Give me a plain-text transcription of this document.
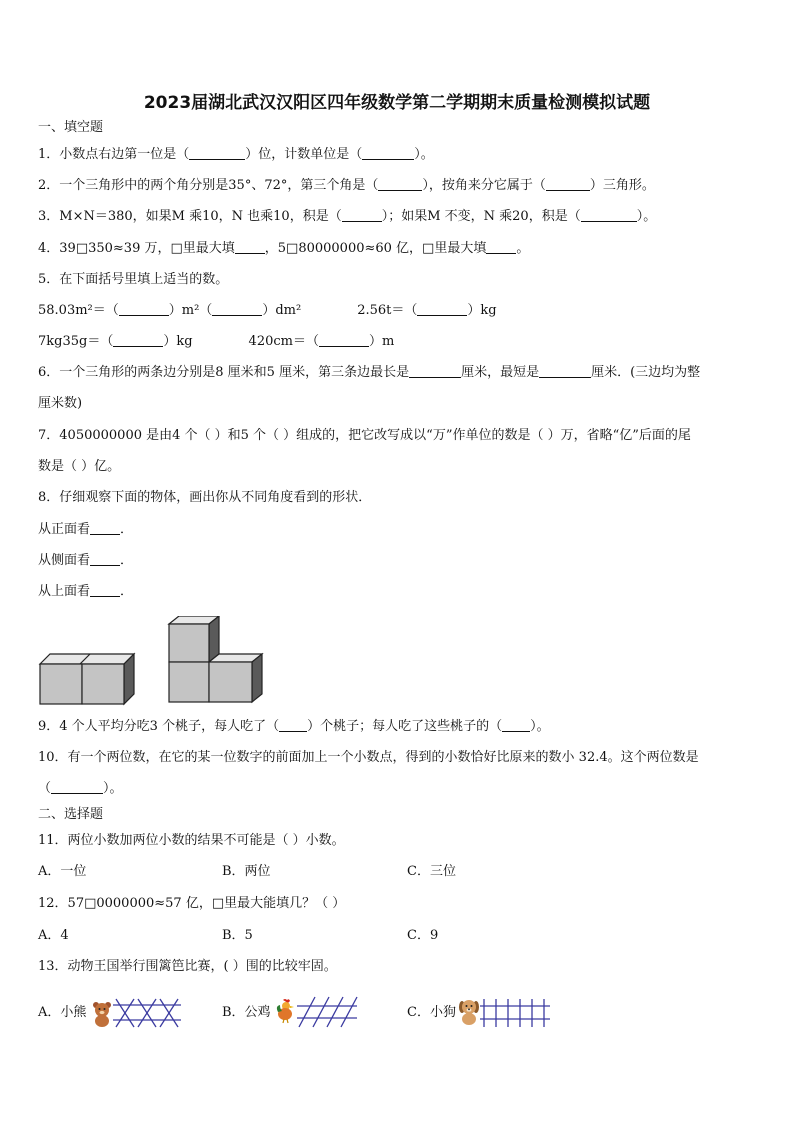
2023届湖北武汉汉阳区四年级数学第二学期期末质量检测模拟试题
一、填空题
1．小数点右边第一位是（	）位，计数单位是（	）。
2．一个三角形中的两个角分别是35°、72°，第三个角是（	），按角来分它属于（	）三角形。
3．M×N＝380，如果M 乘10，N 也乘10，积是（	）；如果M 不变，N 乘20，积是（	）。
4．39□350≈39 万，□里最大填 ，5□80000000≈60 亿，□里最大填 。
5．在下面括号里填上适当的数。
58.03m²＝（	）m²（	）dm²	2.56t＝（	）kg
7kg35g＝（	）kg	420cm＝（	）m
6．一个三角形的两条边分别是8 厘米和5 厘米，第三条边最长是	厘米，最短是	厘米．(三边均为整
厘米数)
7．4050000000 是由4 个（ ）和5 个（ ）组成的，把它改写成以“万”作单位的数是（ ）万，省略“亿”后面的尾
数是（ ）亿。
8．仔细观察下面的物体，画出你从不同角度看到的形状．
从正面看 ．
从侧面看 ．
从上面看 ．
9．4 个人平均分吃3 个桃子，每人吃了（ ）个桃子；每人吃了这些桃子的（ ）。
10．有一个两位数，在它的某一位数字的前面加上一个小数点，得到的小数恰好比原来的数小 32.4。这个两位数是
（	）。
二、选择题
11．两位小数加两位小数的结果不可能是（ ）小数。
A．一位	B．两位	C．三位
12．57□0000000≈57 亿，□里最大能填几？（ ）
A．4	B．5	C．9
13．动物王国举行围篱笆比赛，( ）围的比较牢固。
A．小熊	B．公鸡	C．小狗
